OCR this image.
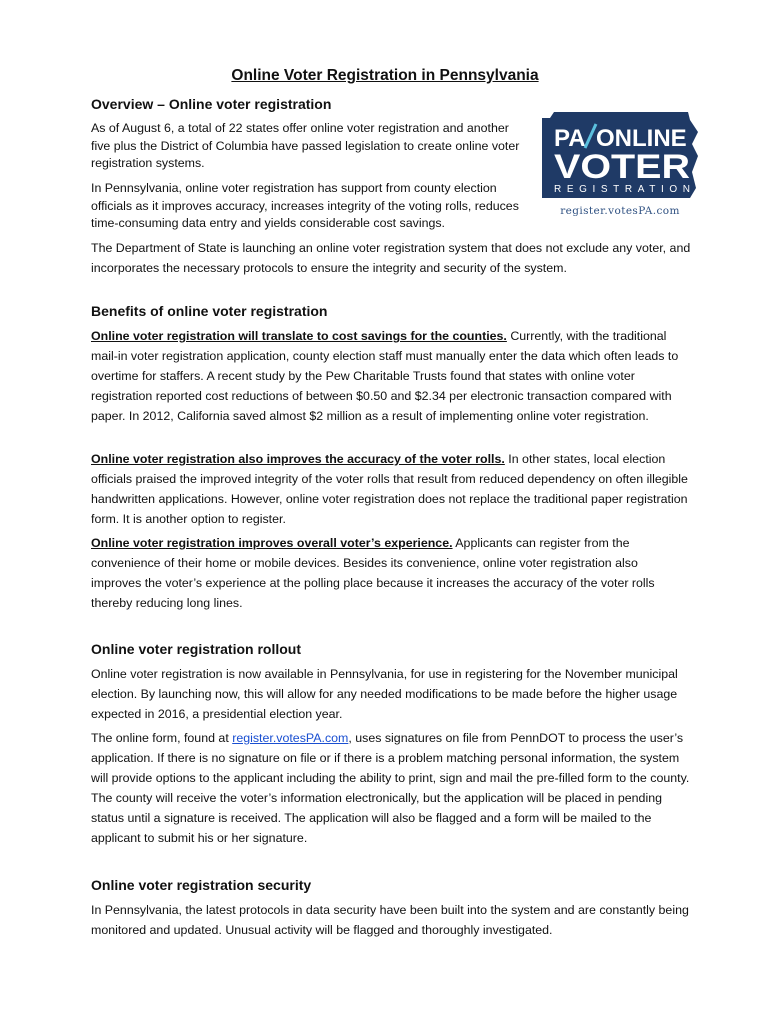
Online Voter Registration in Pennsylvania
Overview – Online voter registration

As of August 6, a total of 22 states offer online voter registration and another five plus the District of Columbia have passed legislation to create online voter registration systems.

In Pennsylvania, online voter registration has support from county election officials as it improves accuracy, increases integrity of the voting rolls, reduces time-consuming data entry and yields considerable cost savings.

The Department of State is launching an online voter registration system that does not exclude any voter, and incorporates the necessary protocols to ensure the integrity and security of the system.

PA ONLINE
VOTER
REGISTRATION
register.votesPA.com
Benefits of online voter registration

Online voter registration will translate to cost savings for the counties. Currently, with the traditional mail-in voter registration application, county election staff must manually enter the data which often leads to overtime for staffers. A recent study by the Pew Charitable Trusts found that states with online voter registration reported cost reductions of between $0.50 and $2.34 per electronic transaction compared with paper. In 2012, California saved almost $2 million as a result of implementing online voter registration.

Online voter registration also improves the accuracy of the voter rolls. In other states, local election officials praised the improved integrity of the voter rolls that result from reduced dependency on often illegible handwritten applications. However, online voter registration does not replace the traditional paper registration form. It is another option to register.

Online voter registration improves overall voter’s experience. Applicants can register from the convenience of their home or mobile devices. Besides its convenience, online voter registration also improves the voter’s experience at the polling place because it increases the accuracy of the voter rolls thereby reducing long lines.

Online voter registration rollout

Online voter registration is now available in Pennsylvania, for use in registering for the November municipal election. By launching now, this will allow for any needed modifications to be made before the higher usage expected in 2016, a presidential election year.

The online form, found at register.votesPA.com, uses signatures on file from PennDOT to process the user’s application. If there is no signature on file or if there is a problem matching personal information, the system will provide options to the applicant including the ability to print, sign and mail the pre-filled form to the county. The county will receive the voter’s information electronically, but the application will be placed in pending status until a signature is received. The application will also be flagged and a form will be mailed to the applicant to submit his or her signature.

Online voter registration security

In Pennsylvania, the latest protocols in data security have been built into the system and are constantly being monitored and updated. Unusual activity will be flagged and thoroughly investigated.
